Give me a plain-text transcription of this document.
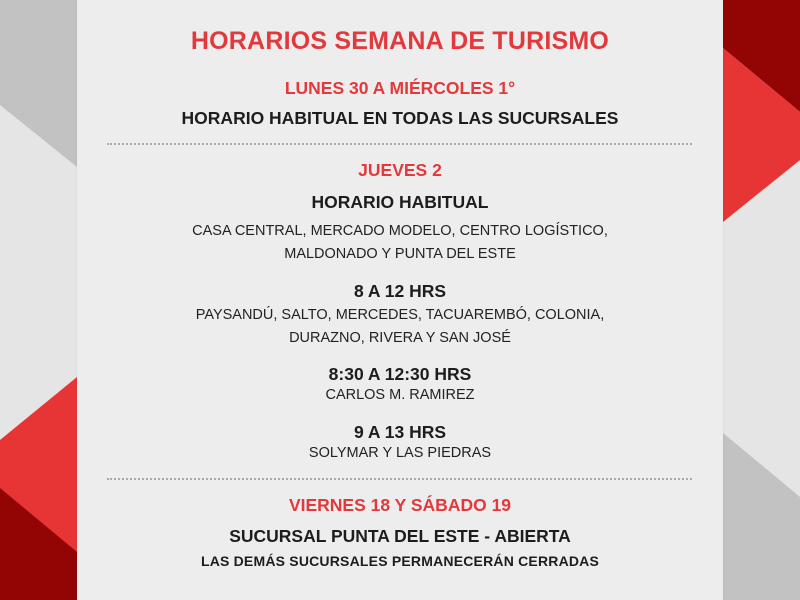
HORARIOS SEMANA DE TURISMO
LUNES 30 A MIÉRCOLES 1°
HORARIO HABITUAL EN TODAS LAS SUCURSALES
JUEVES 2
HORARIO HABITUAL
CASA CENTRAL, MERCADO MODELO, CENTRO LOGÍSTICO,
MALDONADO Y PUNTA DEL ESTE
8 A 12 HRS
PAYSANDÚ, SALTO, MERCEDES, TACUAREMBÓ, COLONIA,
DURAZNO, RIVERA Y SAN JOSÉ
8:30 A 12:30 HRS
CARLOS M. RAMIREZ
9 A 13 HRS
SOLYMAR Y LAS PIEDRAS
VIERNES 18 Y SÁBADO 19
SUCURSAL PUNTA DEL ESTE - ABIERTA
LAS DEMÁS SUCURSALES PERMANECERÁN CERRADAS
